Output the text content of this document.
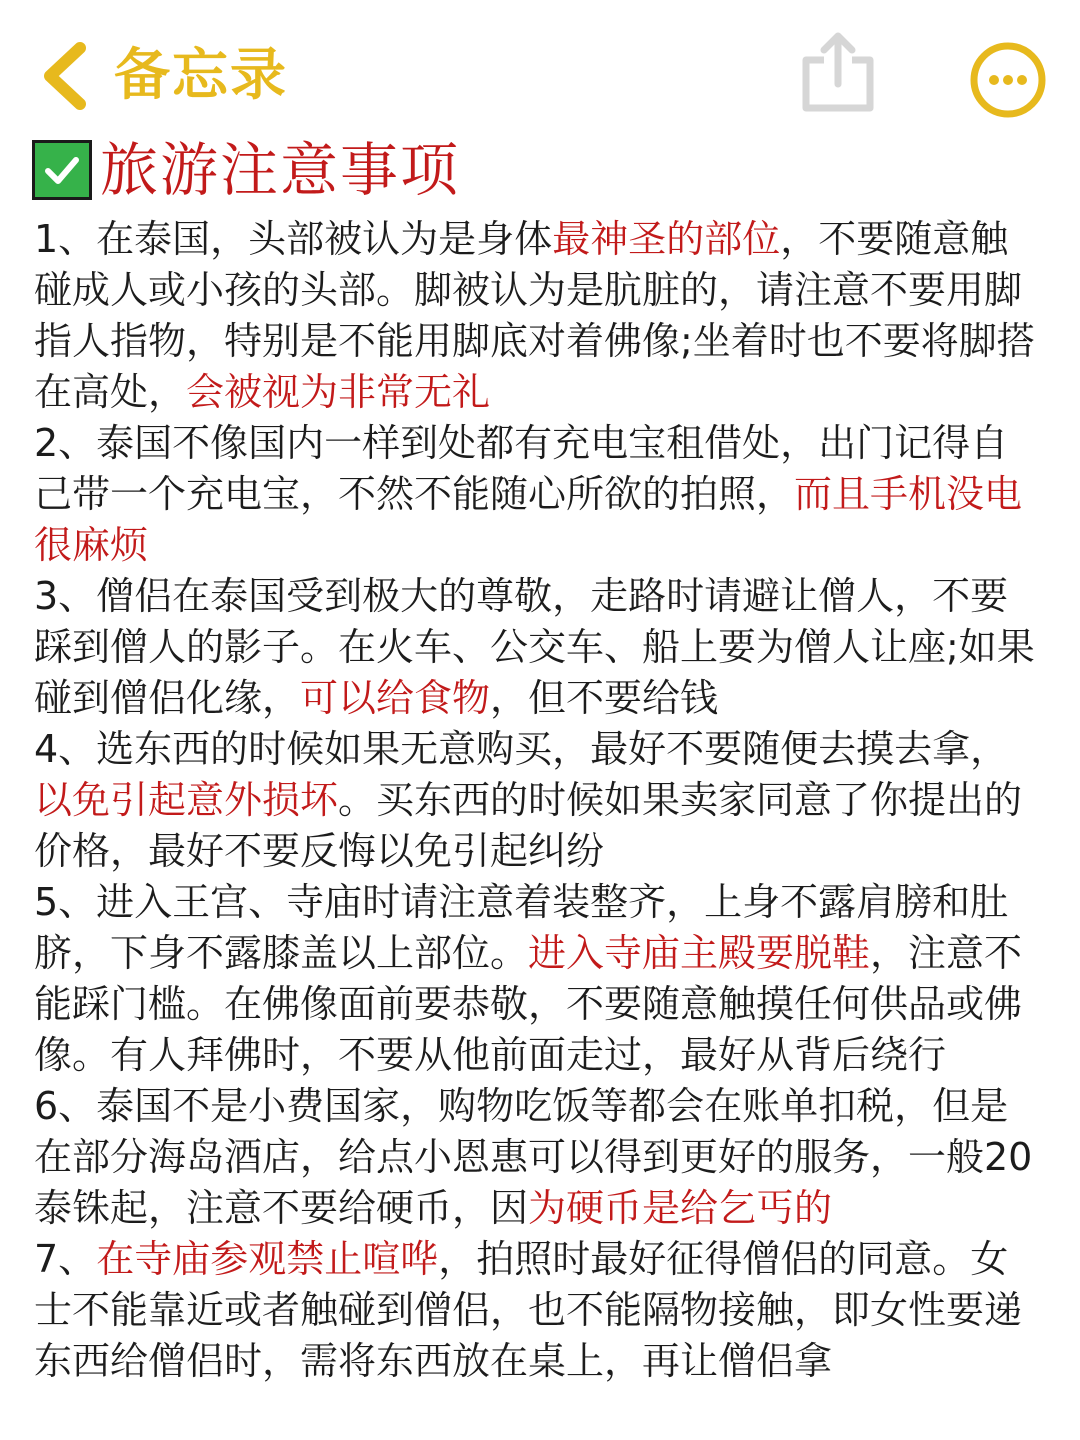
备忘录
旅游注意事项

1、在泰国，头部被认为是身体最神圣的部位，不要随意触碰成人或小孩的头部。脚被认为是肮脏的，请注意不要用脚指人指物，特别是不能用脚底对着佛像;坐着时也不要将脚搭在高处，会被视为非常无礼

2、泰国不像国内一样到处都有充电宝租借处，出门记得自己带一个充电宝，不然不能随心所欲的拍照，而且手机没电很麻烦

3、僧侣在泰国受到极大的尊敬，走路时请避让僧人，不要踩到僧人的影子。在火车、公交车、船上要为僧人让座;如果碰到僧侣化缘，可以给食物，但不要给钱

4、选东西的时候如果无意购买，最好不要随便去摸去拿，以免引起意外损坏。买东西的时候如果卖家同意了你提出的价格，最好不要反悔以免引起纠纷

5、进入王宫、寺庙时请注意着装整齐，上身不露肩膀和肚脐，下身不露膝盖以上部位。进入寺庙主殿要脱鞋，注意不能踩门槛。在佛像面前要恭敬，不要随意触摸任何供品或佛像。有人拜佛时，不要从他前面走过，最好从背后绕行

6、泰国不是小费国家，购物吃饭等都会在账单扣税，但是在部分海岛酒店，给点小恩惠可以得到更好的服务，一般20泰铢起，注意不要给硬币，因为硬币是给乞丐的

7、在寺庙参观禁止喧哗，拍照时最好征得僧侣的同意。女士不能靠近或者触碰到僧侣，也不能隔物接触，即女性要递东西给僧侣时，需将东西放在桌上，再让僧侣拿
